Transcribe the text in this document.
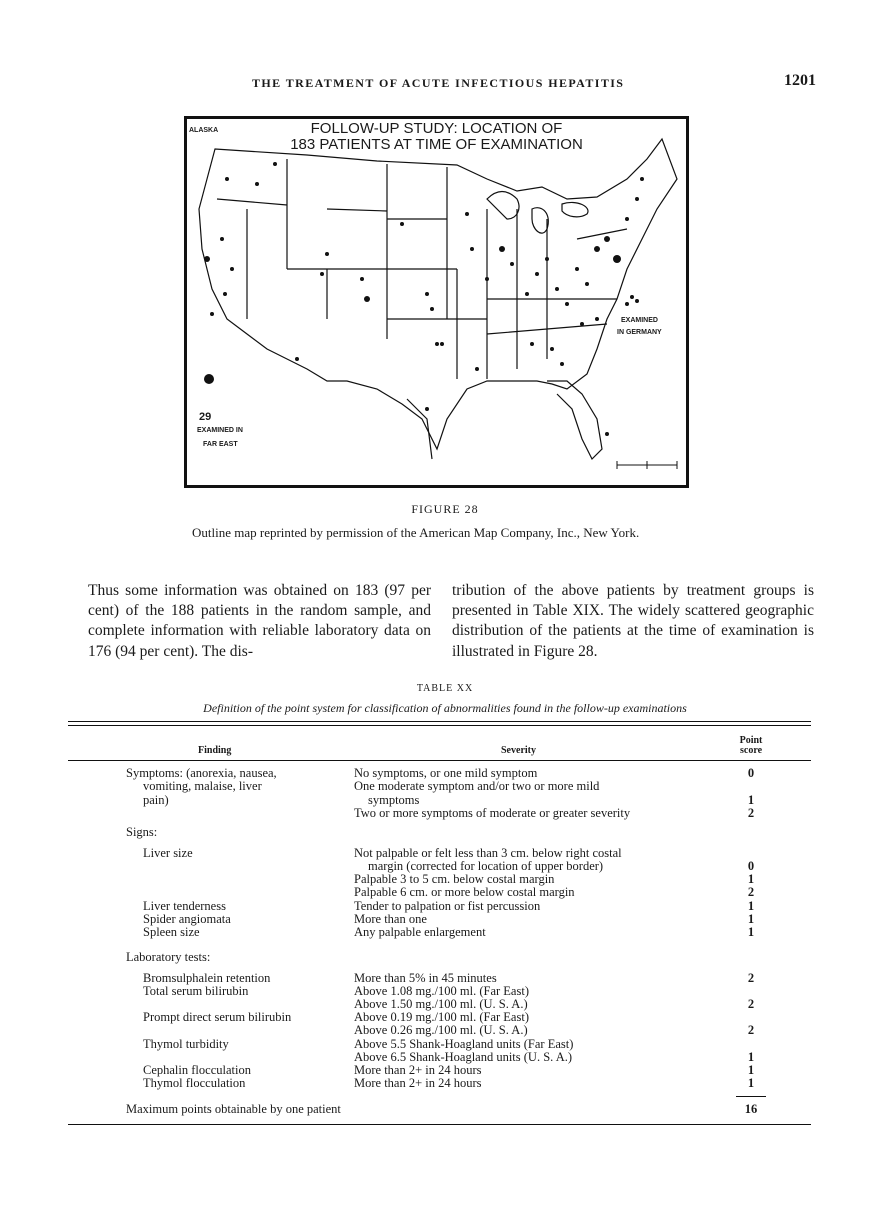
THE TREATMENT OF ACUTE INFECTIOUS HEPATITIS	1201
FOLLOW-UP STUDY: LOCATION OF
183 PATIENTS AT TIME OF EXAMINATION
ALASKA
29
EXAMINED IN
FAR EAST
EXAMINED
IN GERMANY
FIGURE 28
Outline map reprinted by permission of the American Map Company, Inc., New York.
Thus some information was obtained on 183 (97 per cent) of the 188 patients in the random sample, and complete information with reliable laboratory data on 176 (94 per cent). The dis-
tribution of the above patients by treatment groups is presented in Table XIX. The widely scattered geographic distribution of the patients at the time of examination is illustrated in Figure 28.
TABLE XX
Definition of the point system for classification of abnormalities found in the follow-up examinations
Finding	Severity
Point
score
Symptoms: (anorexia, nausea,	No symptoms, or one mild symptom	0
vomiting, malaise, liver	One moderate symptom and/or two or more mild
pain)	symptoms	1
Two or more symptoms of moderate or greater severity	2
Signs:
Liver size	Not palpable or felt less than 3 cm. below right costal
margin (corrected for location of upper border)	0
Palpable 3 to 5 cm. below costal margin	1
Palpable 6 cm. or more below costal margin	2
Liver tenderness	Tender to palpation or fist percussion	1
Spider angiomata	More than one	1
Spleen size	Any palpable enlargement	1
Laboratory tests:
Bromsulphalein retention	More than 5% in 45 minutes	2
Total serum bilirubin	Above 1.08 mg./100 ml. (Far East)
Above 1.50 mg./100 ml. (U. S. A.)	2
Prompt direct serum bilirubin	Above 0.19 mg./100 ml. (Far East)
Above 0.26 mg./100 ml. (U. S. A.)	2
Thymol turbidity	Above 5.5 Shank-Hoagland units (Far East)
Above 6.5 Shank-Hoagland units (U. S. A.)	1
Cephalin flocculation	More than 2+ in 24 hours	1
Thymol flocculation	More than 2+ in 24 hours	1
Maximum points obtainable by one patient	16
